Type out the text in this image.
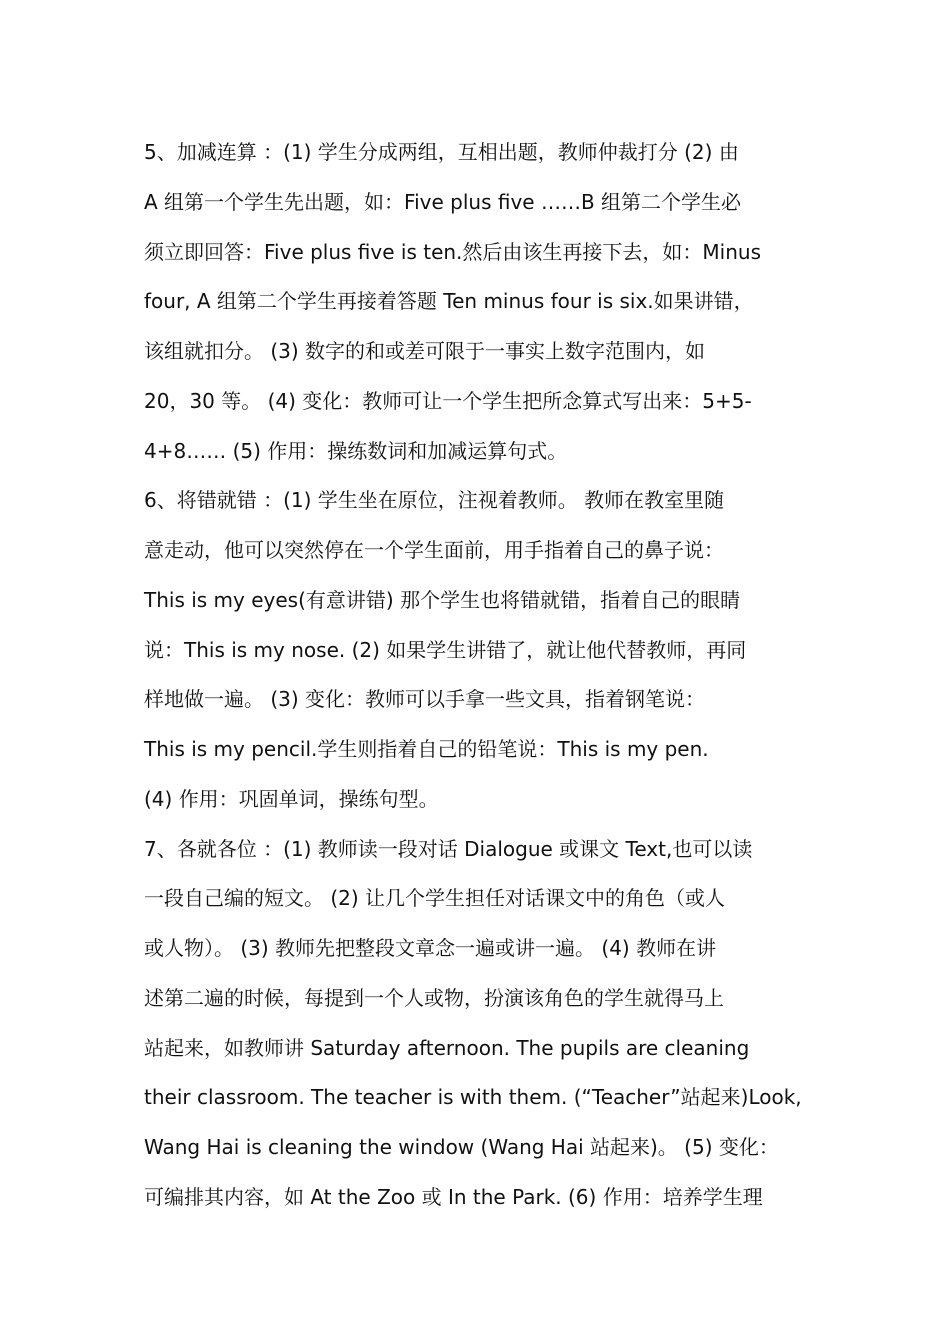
5、加减连算 ：(1) 学生分成两组，互相出题，教师仲裁打分 (2) 由
A 组第一个学生先出题，如：Five plus five ……B 组第二个学生必
须立即回答：Five plus five is ten.然后由该生再接下去，如：Minus
four, A 组第二个学生再接着答题 Ten minus four is six.如果讲错，
该组就扣分。 (3) 数字的和或差可限于一事实上数字范围内，如
20，30 等。 (4) 变化：教师可让一个学生把所念算式写出来：5+5-
4+8…… (5) 作用：操练数词和加减运算句式。
6、将错就错 ：(1) 学生坐在原位，注视着教师。 教师在教室里随
意走动，他可以突然停在一个学生面前，用手指着自己的鼻子说：
This is my eyes(有意讲错) 那个学生也将错就错，指着自己的眼睛
说：This is my nose. (2) 如果学生讲错了，就让他代替教师，再同
样地做一遍。 (3) 变化：教师可以手拿一些文具，指着钢笔说：
This is my pencil.学生则指着自己的铅笔说：This is my pen.
(4) 作用：巩固单词，操练句型。
7、各就各位 ：(1) 教师读一段对话 Dialogue 或课文 Text,也可以读
一段自己编的短文。 (2) 让几个学生担任对话课文中的角色（或人
或人物）。 (3) 教师先把整段文章念一遍或讲一遍。 (4) 教师在讲
述第二遍的时候，每提到一个人或物，扮演该角色的学生就得马上
站起来，如教师讲 Saturday afternoon. The pupils are cleaning
their classroom. The teacher is with them. (“Teacher”站起来)Look,
Wang Hai is cleaning the window (Wang Hai 站起来)。 (5) 变化：
可编排其内容，如 At the Zoo 或 In the Park. (6) 作用：培养学生理
